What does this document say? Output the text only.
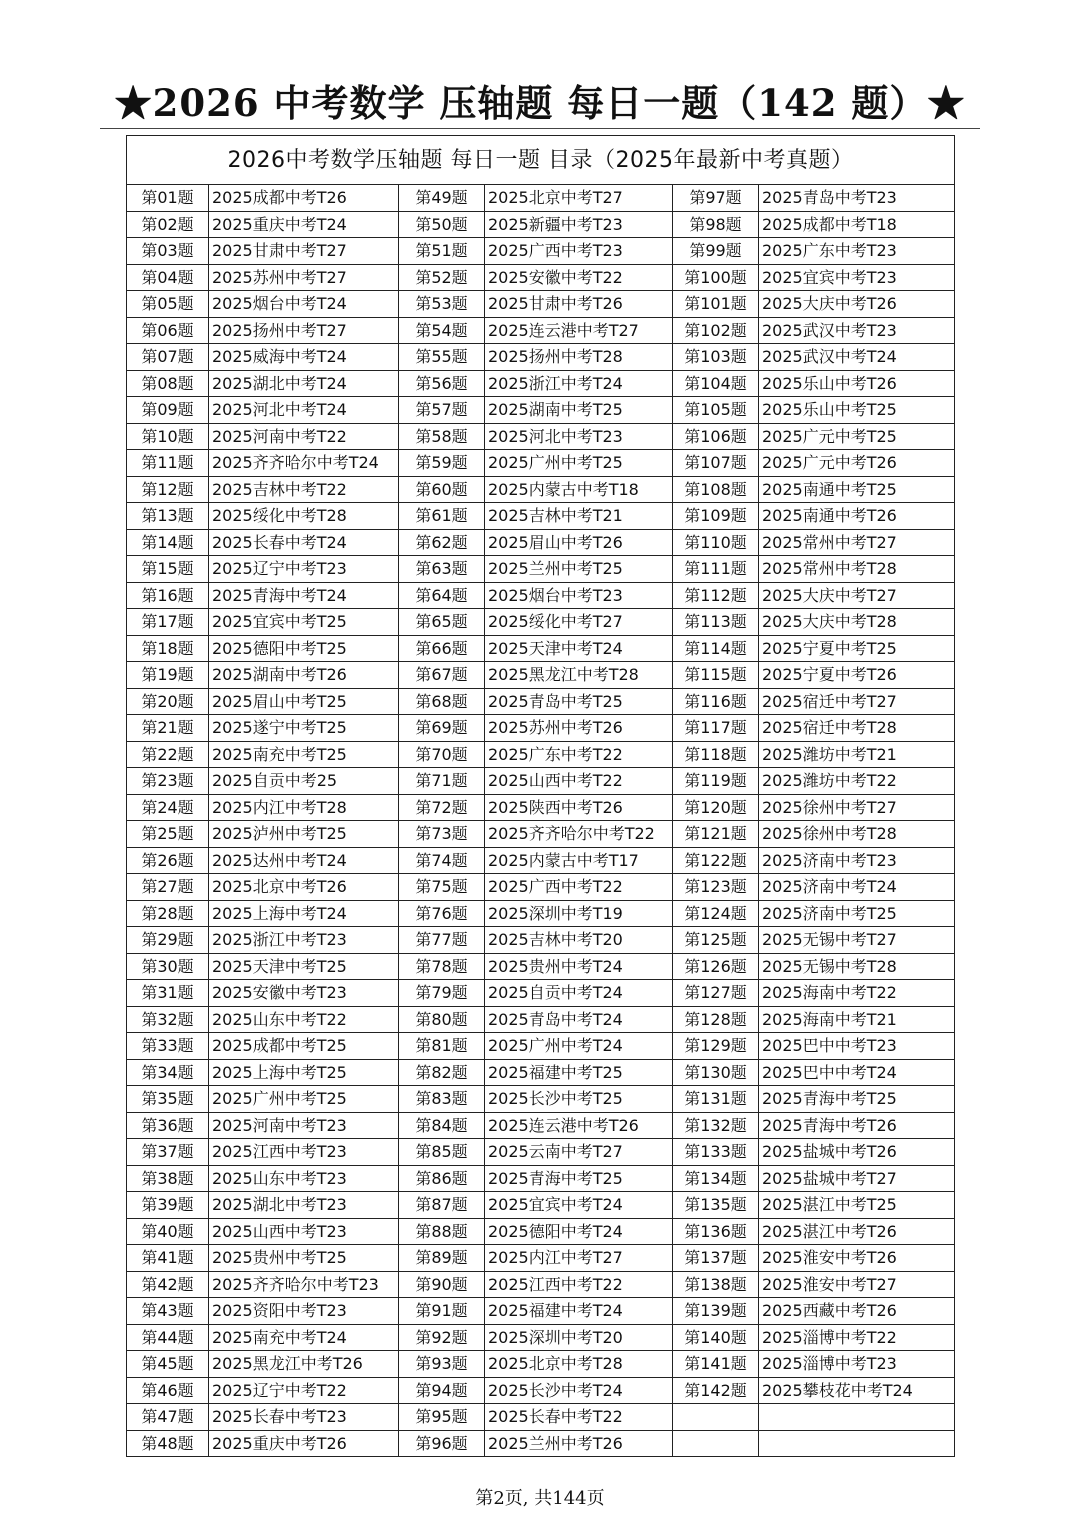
★2026 中考数学 压轴题 每日一题（142 题）★
2026中考数学压轴题 每日一题 目录（2025年最新中考真题）					
第01题	2025成都中考T26	第49题	2025北京中考T27	第97题	2025青岛中考T23
第02题	2025重庆中考T24	第50题	2025新疆中考T23	第98题	2025成都中考T18
第03题	2025甘肃中考T27	第51题	2025广西中考T23	第99题	2025广东中考T23
第04题	2025苏州中考T27	第52题	2025安徽中考T22	第100题	2025宜宾中考T23
第05题	2025烟台中考T24	第53题	2025甘肃中考T26	第101题	2025大庆中考T26
第06题	2025扬州中考T27	第54题	2025连云港中考T27	第102题	2025武汉中考T23
第07题	2025威海中考T24	第55题	2025扬州中考T28	第103题	2025武汉中考T24
第08题	2025湖北中考T24	第56题	2025浙江中考T24	第104题	2025乐山中考T26
第09题	2025河北中考T24	第57题	2025湖南中考T25	第105题	2025乐山中考T25
第10题	2025河南中考T22	第58题	2025河北中考T23	第106题	2025广元中考T25
第11题	2025齐齐哈尔中考T24	第59题	2025广州中考T25	第107题	2025广元中考T26
第12题	2025吉林中考T22	第60题	2025内蒙古中考T18	第108题	2025南通中考T25
第13题	2025绥化中考T28	第61题	2025吉林中考T21	第109题	2025南通中考T26
第14题	2025长春中考T24	第62题	2025眉山中考T26	第110题	2025常州中考T27
第15题	2025辽宁中考T23	第63题	2025兰州中考T25	第111题	2025常州中考T28
第16题	2025青海中考T24	第64题	2025烟台中考T23	第112题	2025大庆中考T27
第17题	2025宜宾中考T25	第65题	2025绥化中考T27	第113题	2025大庆中考T28
第18题	2025德阳中考T25	第66题	2025天津中考T24	第114题	2025宁夏中考T25
第19题	2025湖南中考T26	第67题	2025黑龙江中考T28	第115题	2025宁夏中考T26
第20题	2025眉山中考T25	第68题	2025青岛中考T25	第116题	2025宿迁中考T27
第21题	2025遂宁中考T25	第69题	2025苏州中考T26	第117题	2025宿迁中考T28
第22题	2025南充中考T25	第70题	2025广东中考T22	第118题	2025潍坊中考T21
第23题	2025自贡中考25	第71题	2025山西中考T22	第119题	2025潍坊中考T22
第24题	2025内江中考T28	第72题	2025陕西中考T26	第120题	2025徐州中考T27
第25题	2025泸州中考T25	第73题	2025齐齐哈尔中考T22	第121题	2025徐州中考T28
第26题	2025达州中考T24	第74题	2025内蒙古中考T17	第122题	2025济南中考T23
第27题	2025北京中考T26	第75题	2025广西中考T22	第123题	2025济南中考T24
第28题	2025上海中考T24	第76题	2025深圳中考T19	第124题	2025济南中考T25
第29题	2025浙江中考T23	第77题	2025吉林中考T20	第125题	2025无锡中考T27
第30题	2025天津中考T25	第78题	2025贵州中考T24	第126题	2025无锡中考T28
第31题	2025安徽中考T23	第79题	2025自贡中考T24	第127题	2025海南中考T22
第32题	2025山东中考T22	第80题	2025青岛中考T24	第128题	2025海南中考T21
第33题	2025成都中考T25	第81题	2025广州中考T24	第129题	2025巴中中考T23
第34题	2025上海中考T25	第82题	2025福建中考T25	第130题	2025巴中中考T24
第35题	2025广州中考T25	第83题	2025长沙中考T25	第131题	2025青海中考T25
第36题	2025河南中考T23	第84题	2025连云港中考T26	第132题	2025青海中考T26
第37题	2025江西中考T23	第85题	2025云南中考T27	第133题	2025盐城中考T26
第38题	2025山东中考T23	第86题	2025青海中考T25	第134题	2025盐城中考T27
第39题	2025湖北中考T23	第87题	2025宜宾中考T24	第135题	2025湛江中考T25
第40题	2025山西中考T23	第88题	2025德阳中考T24	第136题	2025湛江中考T26
第41题	2025贵州中考T25	第89题	2025内江中考T27	第137题	2025淮安中考T26
第42题	2025齐齐哈尔中考T23	第90题	2025江西中考T22	第138题	2025淮安中考T27
第43题	2025资阳中考T23	第91题	2025福建中考T24	第139题	2025西藏中考T26
第44题	2025南充中考T24	第92题	2025深圳中考T20	第140题	2025淄博中考T22
第45题	2025黑龙江中考T26	第93题	2025北京中考T28	第141题	2025淄博中考T23
第46题	2025辽宁中考T22	第94题	2025长沙中考T24	第142题	2025攀枝花中考T24
第47题	2025长春中考T23	第95题	2025长春中考T22		
第48题	2025重庆中考T26	第96题	2025兰州中考T26		
第2页, 共144页
